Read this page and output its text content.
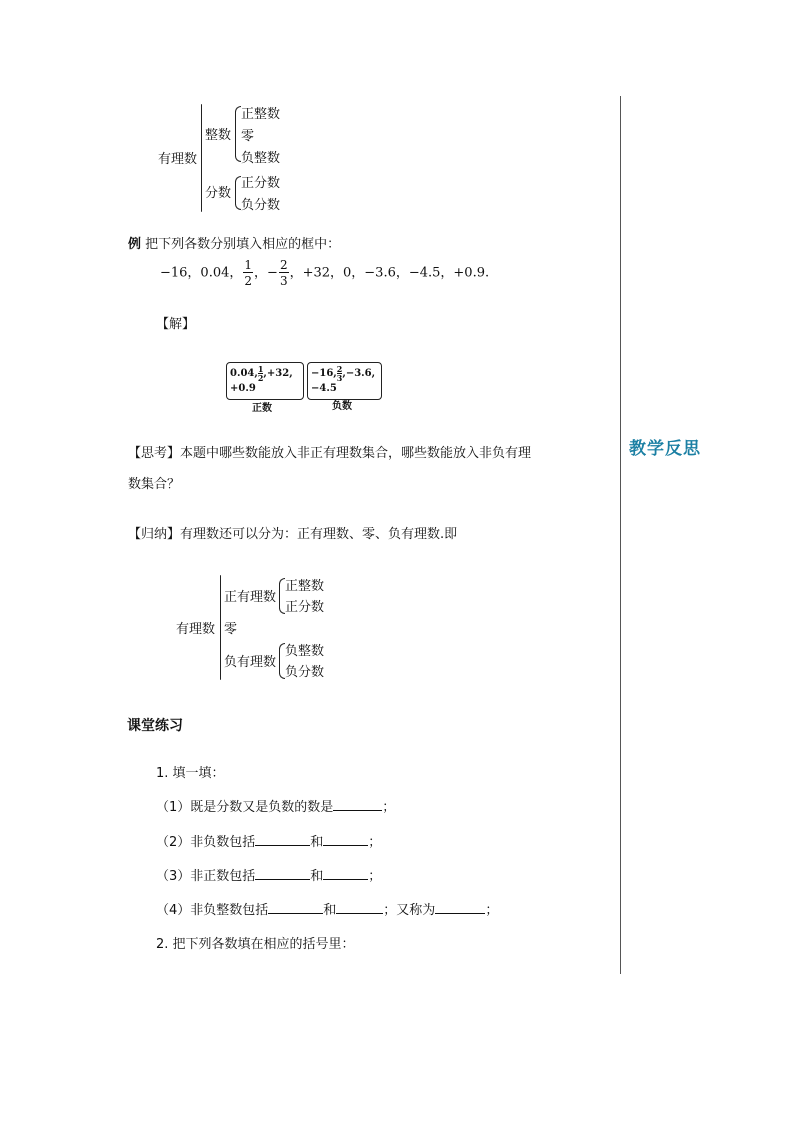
教学反思
有理数
整数
正整数
零
负整数
分数
正分数
负分数
例 把下列各数分别填入相应的框中：
−16，0.04， $\frac{1}{2}$ ，− $\frac{2}{3}$ ，+32，0，−3.6，−4.5，+0.9.
【解】
0.04, $\frac{1}{2} ,+32$,
+0.9
正数
−16, $\frac{2}{3} ,-3.6$,
−4.5
负数
【思考】本题中哪些数能放入非正有理数集合，哪些数能放入非负有理
数集合？
【归纳】有理数还可以分为：正有理数、零、负有理数.即
有理数
正有理数
正整数
正分数
零
负有理数
负整数
负分数
课堂练习
1. 填一填：
（1）既是分数又是负数的数是	；
（2）非负数包括	和	；
（3）非正数包括	和	；
（4）非负整数包括	和	；又称为	；
2. 把下列各数填在相应的括号里：
